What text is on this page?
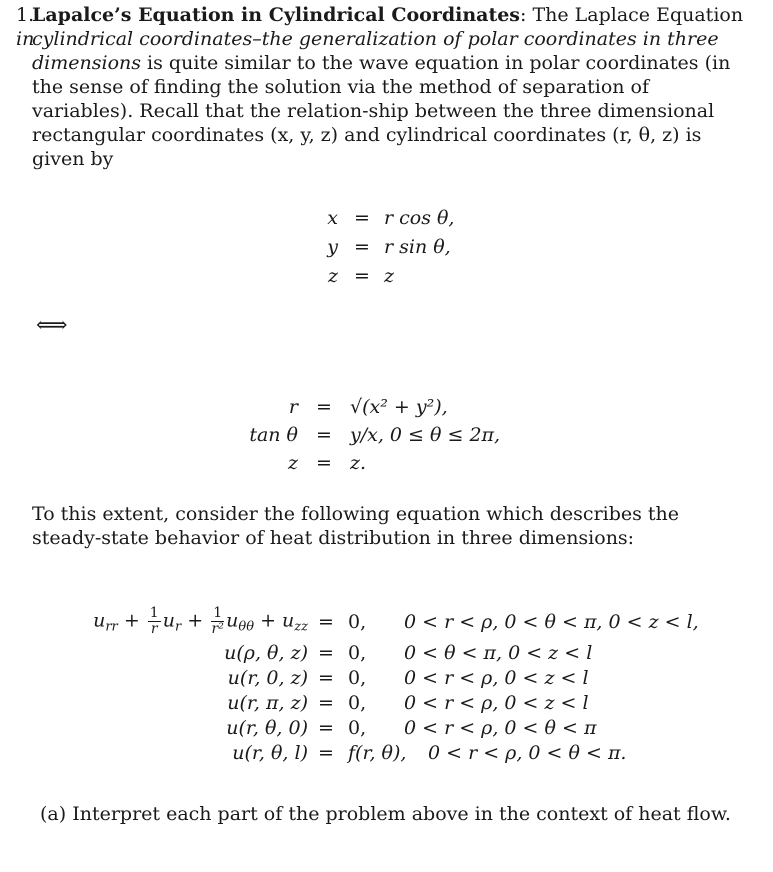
1.Lapalce’s Equation in Cylindrical Coordinates: The Laplace Equation in
cylindrical coordinates–the generalization of polar coordinates in three dimensions is quite similar to the wave equation in polar coordinates (in the sense of finding the solution via the method of separation of variables). Recall that the relation-ship between the three dimensional rectangular coordinates (x, y, z) and cylindrical coordinates (r, θ, z) is given by
x = r cos θ,
y = r sin θ,
z = z
⟺
r = √(x² + y²),
tan θ = y/x, 0 ≤ θ ≤ 2π,
z = z.
To this extent, consider the following equation which describes the steady-state behavior of heat distribution in three dimensions:
$u_{rr} + \frac{1}{r} u_r + \frac{1}{\text{r²}} u_{\theta\theta} + u_{zz} = 0$, 0 < r < ρ, 0 < θ < π, 0 < z < l,
u(ρ, θ, z) = 0, 0 < θ < π, 0 < z < l
u(r, 0, z) = 0, 0 < r < ρ, 0 < z < l
u(r, π, z) = 0, 0 < r < ρ, 0 < z < l
u(r, θ, 0) = 0, 0 < r < ρ, 0 < θ < π
u(r, θ, l) = f(r, θ), 0 < r < ρ, 0 < θ < π.
(a) Interpret each part of the problem above in the context of heat flow.
